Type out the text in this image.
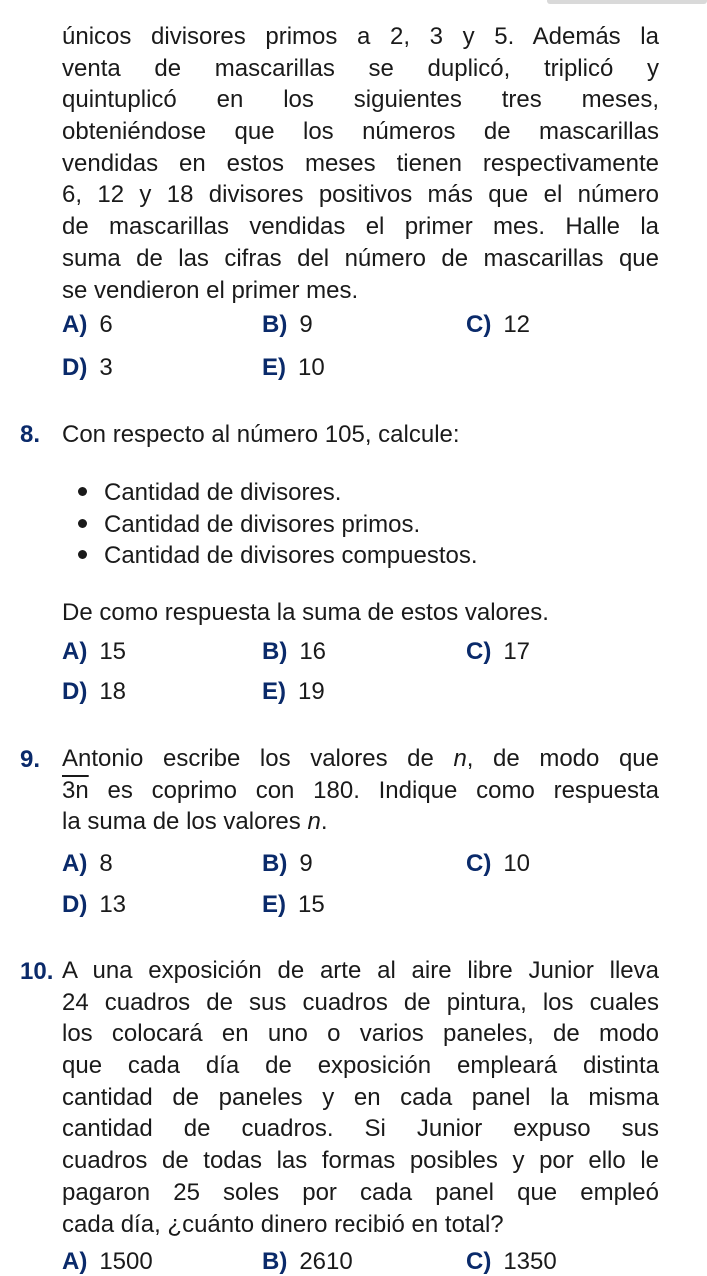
únicos divisores primos a 2, 3 y 5. Además la
venta de mascarillas se duplicó, triplicó y
quintuplicó en los siguientes tres meses,
obteniéndose que los números de mascarillas
vendidas en estos meses tienen respectivamente
6, 12 y 18 divisores positivos más que el número
de mascarillas vendidas el primer mes. Halle la
suma de las cifras del número de mascarillas que
se vendieron el primer mes.
A) 6	B) 9	C) 12
D) 3	E) 10
8. Con respecto al número 105, calcule:
Cantidad de divisores.
Cantidad de divisores primos.
Cantidad de divisores compuestos.
De como respuesta la suma de estos valores.
A) 15	B) 16	C) 17
D) 18	E) 19
9. Antonio escribe los valores de n, de modo que
3n es coprimo con 180. Indique como respuesta
la suma de los valores n.
A) 8	B) 9	C) 10
D) 13	E) 15
10. A una exposición de arte al aire libre Junior lleva
24 cuadros de sus cuadros de pintura, los cuales
los colocará en uno o varios paneles, de modo
que cada día de exposición empleará distinta
cantidad de paneles y en cada panel la misma
cantidad de cuadros. Si Junior expuso sus
cuadros de todas las formas posibles y por ello le
pagaron 25 soles por cada panel que empleó
cada día, ¿cuánto dinero recibió en total?
A) 1500	B) 2610	C) 1350
